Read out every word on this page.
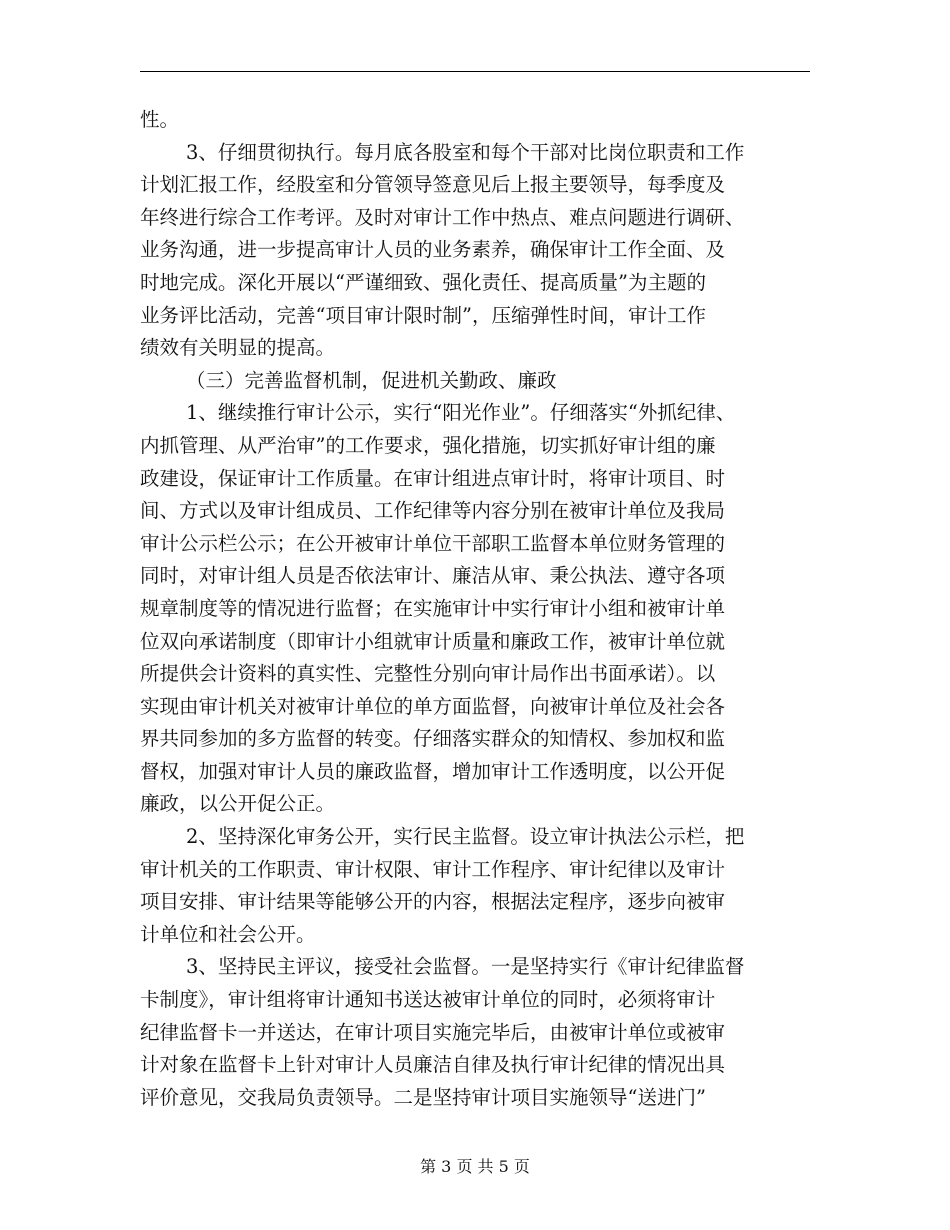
性。
3、仔细贯彻执行。每月底各股室和每个干部对比岗位职责和工作
计划汇报工作，经股室和分管领导签意见后上报主要领导，每季度及
年终进行综合工作考评。及时对审计工作中热点、难点问题进行调研、
业务沟通，进一步提高审计人员的业务素养，确保审计工作全面、及
时地完成。深化开展以“严谨细致、强化责任、提高质量”为主题的
业务评比活动，完善“项目审计限时制”，压缩弹性时间，审计工作
绩效有关明显的提高。
（三）完善监督机制，促进机关勤政、廉政
1、继续推行审计公示，实行“阳光作业”。仔细落实“外抓纪律、
内抓管理、从严治审”的工作要求，强化措施，切实抓好审计组的廉
政建设，保证审计工作质量。在审计组进点审计时，将审计项目、时
间、方式以及审计组成员、工作纪律等内容分别在被审计单位及我局
审计公示栏公示；在公开被审计单位干部职工监督本单位财务管理的
同时，对审计组人员是否依法审计、廉洁从审、秉公执法、遵守各项
规章制度等的情况进行监督；在实施审计中实行审计小组和被审计单
位双向承诺制度（即审计小组就审计质量和廉政工作，被审计单位就
所提供会计资料的真实性、完整性分别向审计局作出书面承诺）。以
实现由审计机关对被审计单位的单方面监督，向被审计单位及社会各
界共同参加的多方监督的转变。仔细落实群众的知情权、参加权和监
督权，加强对审计人员的廉政监督，增加审计工作透明度，以公开促
廉政，以公开促公正。
2、坚持深化审务公开，实行民主监督。设立审计执法公示栏，把
审计机关的工作职责、审计权限、审计工作程序、审计纪律以及审计
项目安排、审计结果等能够公开的内容，根据法定程序，逐步向被审
计单位和社会公开。
3、坚持民主评议，接受社会监督。一是坚持实行《审计纪律监督
卡制度》，审计组将审计通知书送达被审计单位的同时，必须将审计
纪律监督卡一并送达，在审计项目实施完毕后，由被审计单位或被审
计对象在监督卡上针对审计人员廉洁自律及执行审计纪律的情况出具
评价意见，交我局负责领导。二是坚持审计项目实施领导“送进门”
第 3 页 共 5 页
